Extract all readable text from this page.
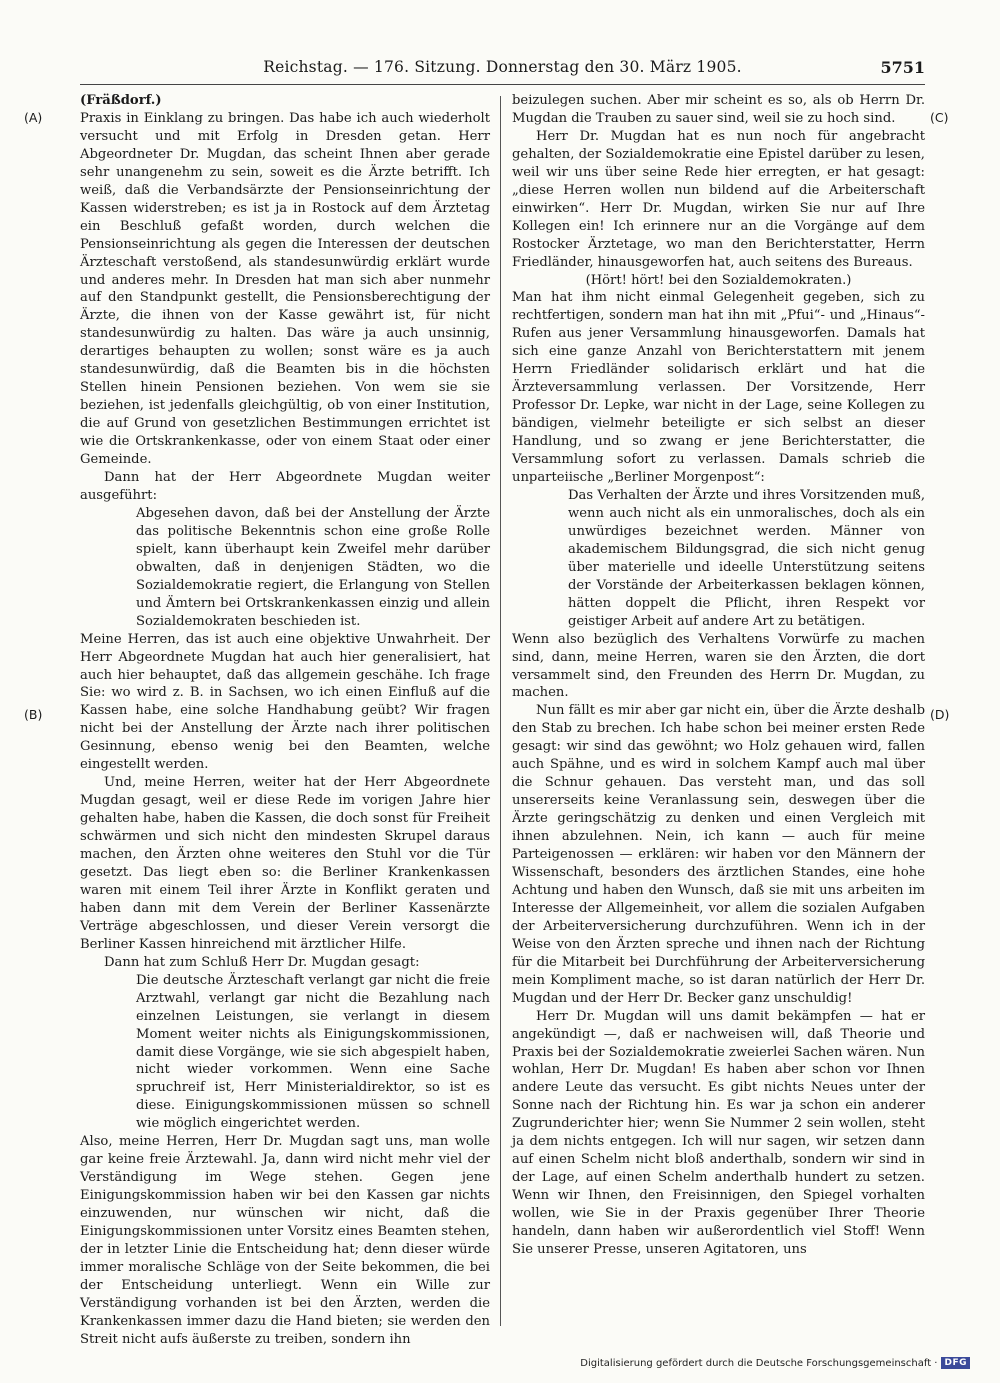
Reichstag. — 176. Sitzung. Donnerstag den 30. März 1905.	5751
(A)
(B)
(C)
(D)

(Fräßdorf.)

Praxis in Einklang zu bringen. Das habe ich auch wiederholt versucht und mit Erfolg in Dresden getan. Herr Abgeordneter Dr. Mugdan, das scheint Ihnen aber gerade sehr unangenehm zu sein, soweit es die Ärzte betrifft. Ich weiß, daß die Verbandsärzte der Pensionseinrichtung der Kassen widerstreben; es ist ja in Rostock auf dem Ärztetag ein Beschluß gefaßt worden, durch welchen die Pensionseinrichtung als gegen die Interessen der deutschen Ärzteschaft verstoßend, als standesunwürdig erklärt wurde und anderes mehr. In Dresden hat man sich aber nunmehr auf den Standpunkt gestellt, die Pensionsberechtigung der Ärzte, die ihnen von der Kasse gewährt ist, für nicht standesunwürdig zu halten. Das wäre ja auch unsinnig, derartiges behaupten zu wollen; sonst wäre es ja auch standesunwürdig, daß die Beamten bis in die höchsten Stellen hinein Pensionen beziehen. Von wem sie sie beziehen, ist jedenfalls gleichgültig, ob von einer Institution, die auf Grund von gesetzlichen Bestimmungen errichtet ist wie die Ortskrankenkasse, oder von einem Staat oder einer Gemeinde.

Dann hat der Herr Abgeordnete Mugdan weiter ausgeführt:

Abgesehen davon, daß bei der Anstellung der Ärzte das politische Bekenntnis schon eine große Rolle spielt, kann überhaupt kein Zweifel mehr darüber obwalten, daß in denjenigen Städten, wo die Sozialdemokratie regiert, die Erlangung von Stellen und Ämtern bei Ortskrankenkassen einzig und allein Sozialdemokraten beschieden ist.

Meine Herren, das ist auch eine objektive Unwahrheit. Der Herr Abgeordnete Mugdan hat auch hier generalisiert, hat auch hier behauptet, daß das allgemein geschähe. Ich frage Sie: wo wird z. B. in Sachsen, wo ich einen Einfluß auf die Kassen habe, eine solche Handhabung geübt? Wir fragen nicht bei der Anstellung der Ärzte nach ihrer politischen Gesinnung, ebenso wenig bei den Beamten, welche eingestellt werden.

Und, meine Herren, weiter hat der Herr Abgeordnete Mugdan gesagt, weil er diese Rede im vorigen Jahre hier gehalten habe, haben die Kassen, die doch sonst für Freiheit schwärmen und sich nicht den mindesten Skrupel daraus machen, den Ärzten ohne weiteres den Stuhl vor die Tür gesetzt. Das liegt eben so: die Berliner Krankenkassen waren mit einem Teil ihrer Ärzte in Konflikt geraten und haben dann mit dem Verein der Berliner Kassenärzte Verträge abgeschlossen, und dieser Verein versorgt die Berliner Kassen hinreichend mit ärztlicher Hilfe.

Dann hat zum Schluß Herr Dr. Mugdan gesagt:

Die deutsche Ärzteschaft verlangt gar nicht die freie Arztwahl, verlangt gar nicht die Bezahlung nach einzelnen Leistungen, sie verlangt in diesem Moment weiter nichts als Einigungskommissionen, damit diese Vorgänge, wie sie sich abgespielt haben, nicht wieder vorkommen. Wenn eine Sache spruchreif ist, Herr Ministerialdirektor, so ist es diese. Einigungskommissionen müssen so schnell wie möglich eingerichtet werden.

Also, meine Herren, Herr Dr. Mugdan sagt uns, man wolle gar keine freie Ärztewahl. Ja, dann wird nicht mehr viel der Verständigung im Wege stehen. Gegen jene Einigungskommission haben wir bei den Kassen gar nichts einzuwenden, nur wünschen wir nicht, daß die Einigungskommissionen unter Vorsitz eines Beamten stehen, der in letzter Linie die Entscheidung hat; denn dieser würde immer moralische Schläge von der Seite bekommen, die bei der Entscheidung unterliegt. Wenn ein Wille zur Verständigung vorhanden ist bei den Ärzten, werden die Krankenkassen immer dazu die Hand bieten; sie werden den Streit nicht aufs äußerste zu treiben, sondern ihn

beizulegen suchen. Aber mir scheint es so, als ob Herrn Dr. Mugdan die Trauben zu sauer sind, weil sie zu hoch sind.

Herr Dr. Mugdan hat es nun noch für angebracht gehalten, der Sozialdemokratie eine Epistel darüber zu lesen, weil wir uns über seine Rede hier erregten, er hat gesagt: „diese Herren wollen nun bildend auf die Arbeiterschaft einwirken“. Herr Dr. Mugdan, wirken Sie nur auf Ihre Kollegen ein! Ich erinnere nur an die Vorgänge auf dem Rostocker Ärztetage, wo man den Berichterstatter, Herrn Friedländer, hinausgeworfen hat, auch seitens des Bureaus.

(Hört! hört! bei den Sozialdemokraten.)

Man hat ihm nicht einmal Gelegenheit gegeben, sich zu rechtfertigen, sondern man hat ihn mit „Pfui“- und „Hinaus“-Rufen aus jener Versammlung hinausgeworfen. Damals hat sich eine ganze Anzahl von Berichterstattern mit jenem Herrn Friedländer solidarisch erklärt und hat die Ärzteversammlung verlassen. Der Vorsitzende, Herr Professor Dr. Lepke, war nicht in der Lage, seine Kollegen zu bändigen, vielmehr beteiligte er sich selbst an dieser Handlung, und so zwang er jene Berichterstatter, die Versammlung sofort zu verlassen. Damals schrieb die unparteiische „Berliner Morgenpost“:

Das Verhalten der Ärzte und ihres Vorsitzenden muß, wenn auch nicht als ein unmoralisches, doch als ein unwürdiges bezeichnet werden. Männer von akademischem Bildungsgrad, die sich nicht genug über materielle und ideelle Unterstützung seitens der Vorstände der Arbeiterkassen beklagen können, hätten doppelt die Pflicht, ihren Respekt vor geistiger Arbeit auf andere Art zu betätigen.

Wenn also bezüglich des Verhaltens Vorwürfe zu machen sind, dann, meine Herren, waren sie den Ärzten, die dort versammelt sind, den Freunden des Herrn Dr. Mugdan, zu machen.

Nun fällt es mir aber gar nicht ein, über die Ärzte deshalb den Stab zu brechen. Ich habe schon bei meiner ersten Rede gesagt: wir sind das gewöhnt; wo Holz gehauen wird, fallen auch Spähne, und es wird in solchem Kampf auch mal über die Schnur gehauen. Das versteht man, und das soll unsererseits keine Veranlassung sein, deswegen über die Ärzte geringschätzig zu denken und einen Vergleich mit ihnen abzulehnen. Nein, ich kann — auch für meine Parteigenossen — erklären: wir haben vor den Männern der Wissenschaft, besonders des ärztlichen Standes, eine hohe Achtung und haben den Wunsch, daß sie mit uns arbeiten im Interesse der Allgemeinheit, vor allem die sozialen Aufgaben der Arbeiterversicherung durchzuführen. Wenn ich in der Weise von den Ärzten spreche und ihnen nach der Richtung für die Mitarbeit bei Durchführung der Arbeiterversicherung mein Kompliment mache, so ist daran natürlich der Herr Dr. Mugdan und der Herr Dr. Becker ganz unschuldig!

Herr Dr. Mugdan will uns damit bekämpfen — hat er angekündigt —, daß er nachweisen will, daß Theorie und Praxis bei der Sozialdemokratie zweierlei Sachen wären. Nun wohlan, Herr Dr. Mugdan! Es haben aber schon vor Ihnen andere Leute das versucht. Es gibt nichts Neues unter der Sonne nach der Richtung hin. Es war ja schon ein anderer Zugrunderichter hier; wenn Sie Nummer 2 sein wollen, steht ja dem nichts entgegen. Ich will nur sagen, wir setzen dann auf einen Schelm nicht bloß anderthalb, sondern wir sind in der Lage, auf einen Schelm anderthalb hundert zu setzen. Wenn wir Ihnen, den Freisinnigen, den Spiegel vorhalten wollen, wie Sie in der Praxis gegenüber Ihrer Theorie handeln, dann haben wir außerordentlich viel Stoff! Wenn Sie unserer Presse, unseren Agitatoren, uns

Digitalisierung gefördert durch die Deutsche Forschungsgemeinschaft · DFG
